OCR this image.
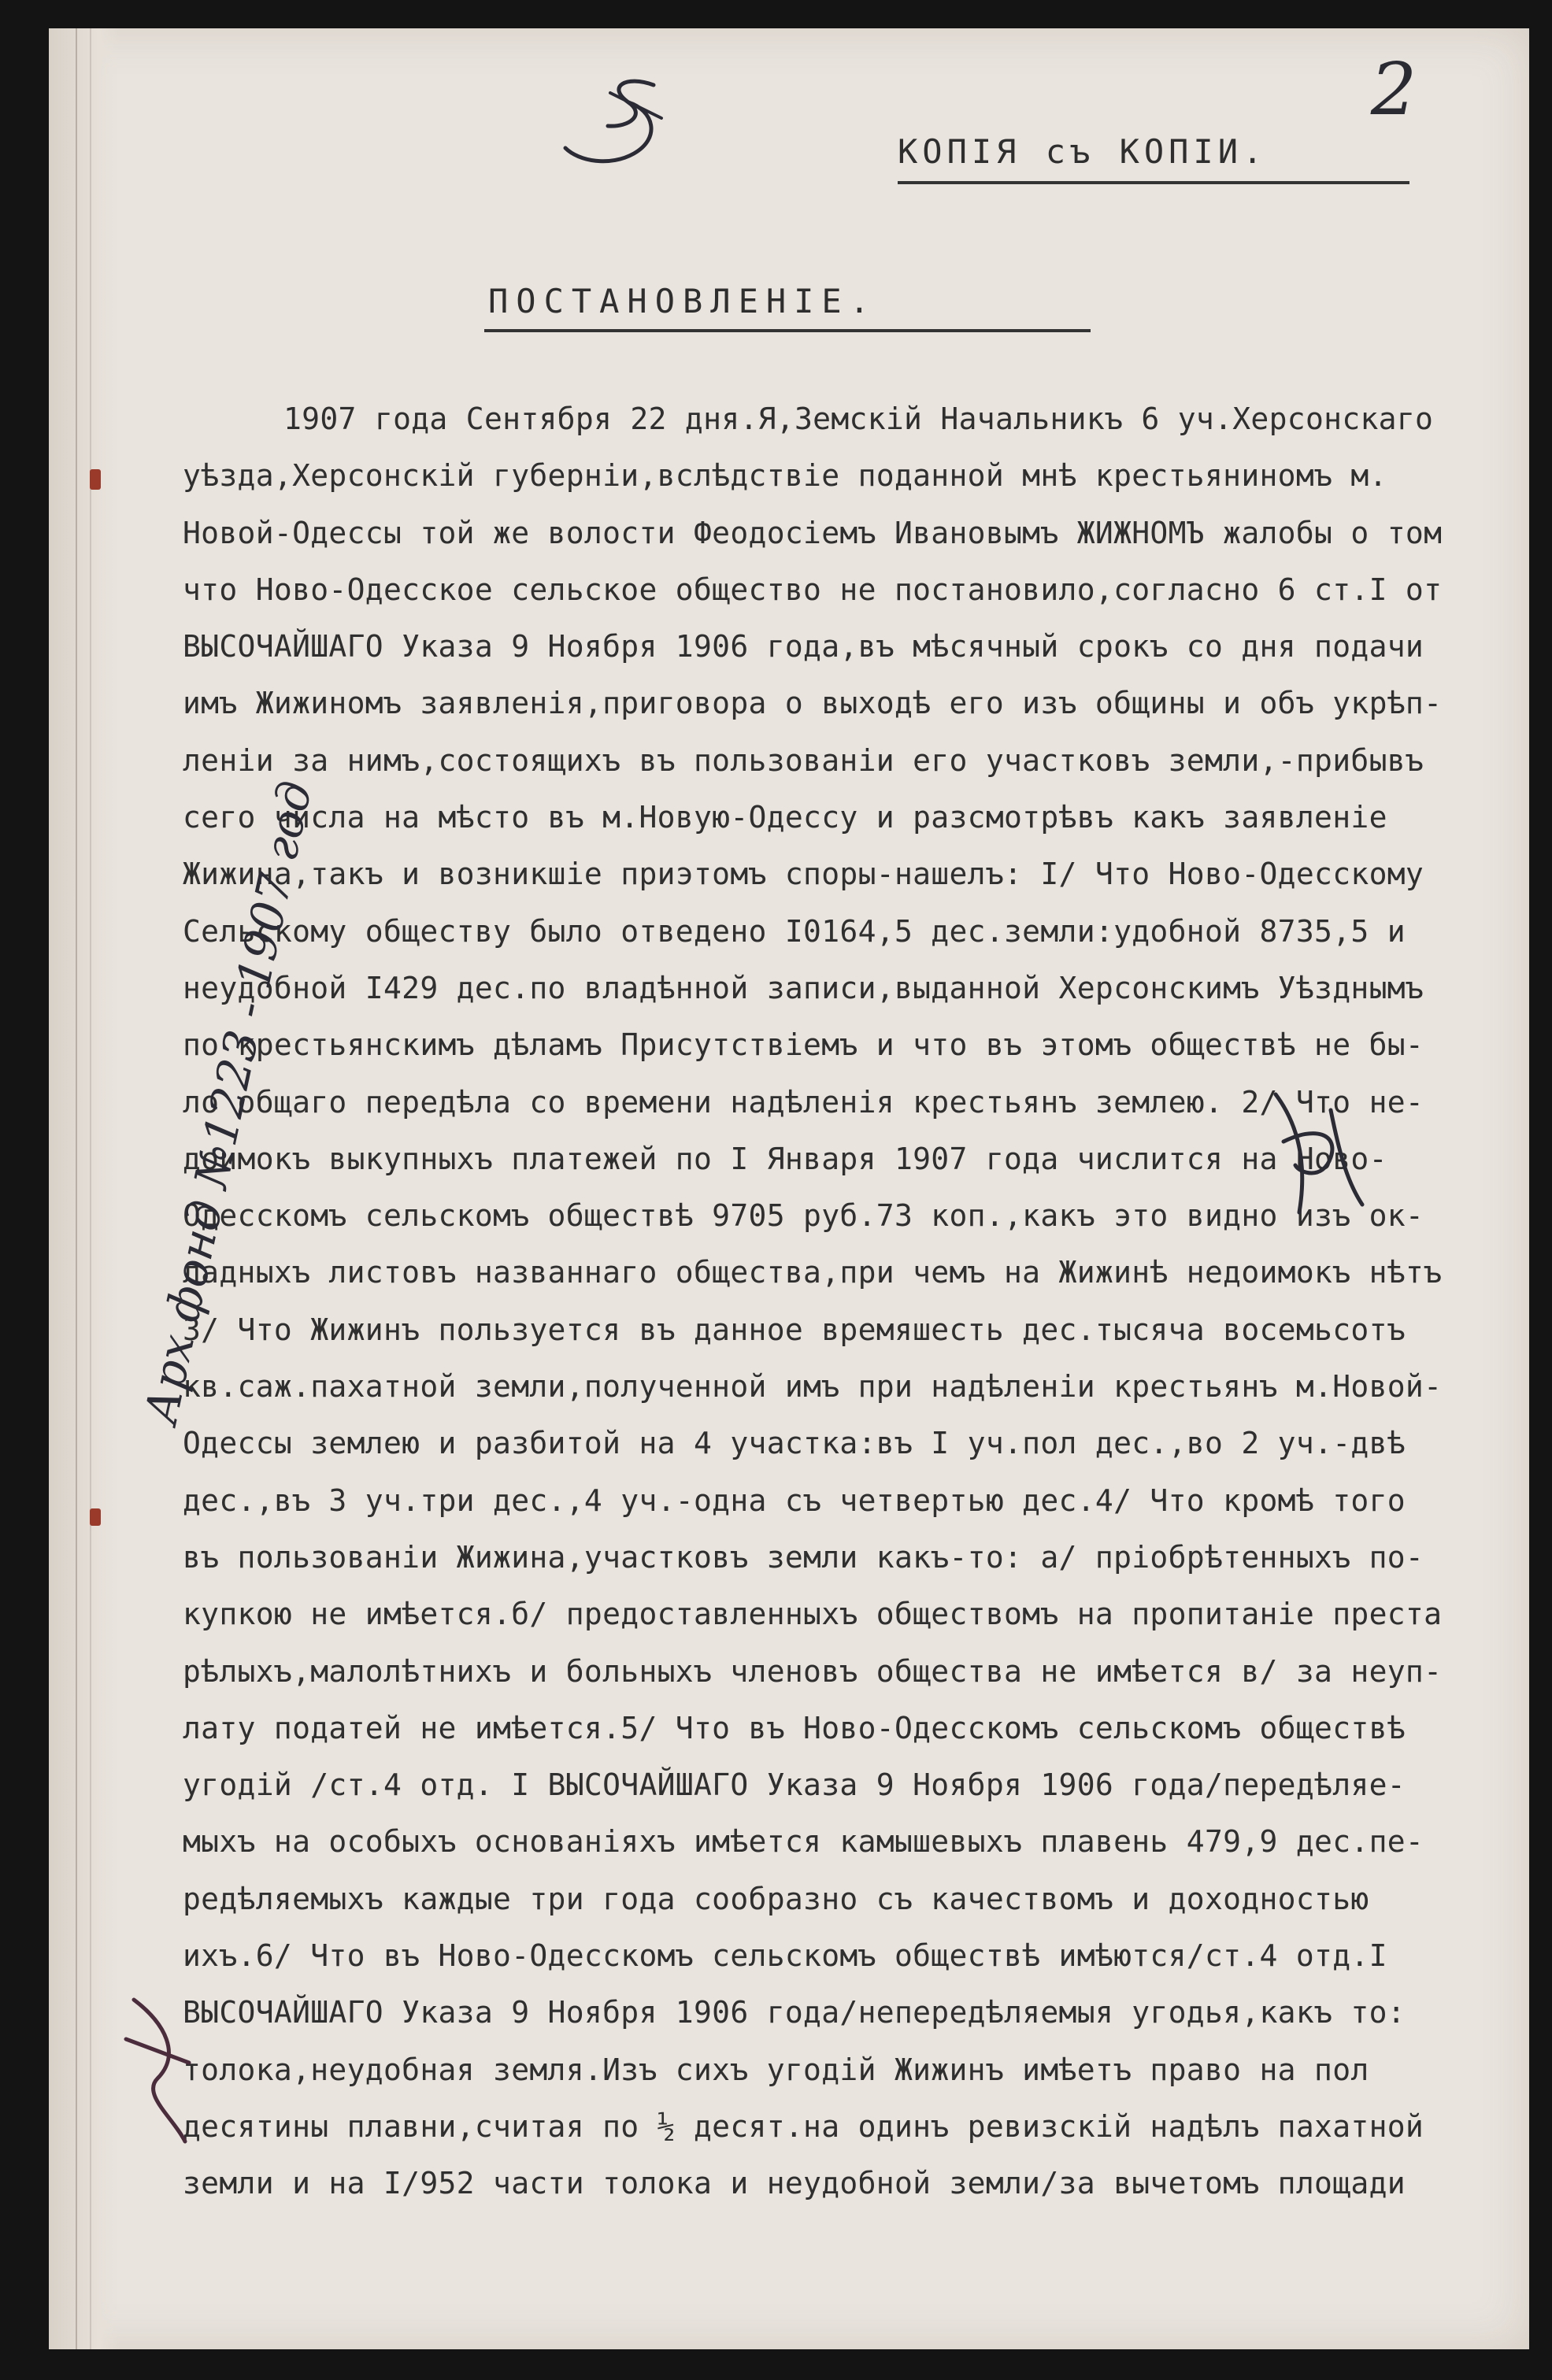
2
КОПІЯ съ КОПІИ.
ПОСТАНОВЛЕНІЕ.
1907 года Сентября 22 дня.Я,Земскій Начальникъ 6 уч.Херсонскаго
уѣзда,Херсонскій губерніи,вслѣдствіе поданной мнѣ крестьяниномъ м.
Новой-Одессы той же волости Феодосіемъ Ивановымъ ЖИЖНОМЪ жалобы о том
что Ново-Одесское сельское общество не постановило,согласно 6 ст.I от
ВЫСОЧАЙШАГО Указа 9 Ноября 1906 года,въ мѣсячный срокъ со дня подачи
имъ Жижиномъ заявленія,приговора о выходѣ его изъ общины и объ укрѣп-
леніи за нимъ,состоящихъ въ пользованіи его участковъ земли,-прибывъ
сего числа на мѣсто въ м.Новую-Одессу и разсмотрѣвъ какъ заявленіе
Жижина,такъ и возникшіе приэтомъ споры-нашелъ: I/ Что Ново-Одесскому
Сельскому обществу было отведено I0164,5 дес.земли:удобной 8735,5 и
неудобной I429 дес.по владѣнной записи,выданной Херсонскимъ Уѣзднымъ
по крестьянскимъ дѣламъ Присутствіемъ и что въ этомъ обществѣ не бы-
ло общаго передѣла со времени надѣленія крестьянъ землею. 2/ Что не-
доимокъ выкупныхъ платежей по I Января 1907 года числится на Ново-
Одесскомъ сельскомъ обществѣ 9705 руб.73 коп.,какъ это видно изъ ок-
ладныхъ листовъ названнаго общества,при чемъ на Жижинѣ недоимокъ нѣтъ
3/ Что Жижинъ пользуется въ данное времяшесть дес.тысяча восемьсотъ
кв.саж.пахатной земли,полученной имъ при надѣленіи крестьянъ м.Новой-
Одессы землею и разбитой на 4 участка:въ I уч.пол дес.,во 2 уч.-двѣ
дес.,въ 3 уч.три дес.,4 уч.-одна съ четвертью дес.4/ Что кромѣ того
въ пользованіи Жижина,участковъ земли какъ-то: а/ пріобрѣтенныхъ по-
купкою не имѣется.б/ предоставленныхъ обществомъ на пропитаніе преста
рѣлыхъ,малолѣтнихъ и больныхъ членовъ общества не имѣется в/ за неуп-
лату податей не имѣется.5/ Что въ Ново-Одесскомъ сельскомъ обществѣ
угодій /ст.4 отд. I ВЫСОЧАЙШАГО Указа 9 Ноября 1906 года/передѣляе-
мыхъ на особыхъ основаніяхъ имѣется камышевыхъ плавень 479,9 дес.пе-
редѣляемыхъ каждые три года сообразно съ качествомъ и доходностью
ихъ.6/ Что въ Ново-Одесскомъ сельскомъ обществѣ имѣются/ст.4 отд.I
ВЫСОЧАЙШАГО Указа 9 Ноября 1906 года/непередѣляемыя угодья,какъ то:
толока,неудобная земля.Изъ сихъ угодій Жижинъ имѣетъ право на пол
десятины плавни,считая по ½ десят.на одинъ ревизскій надѣлъ пахатной
земли и на I/952 части толока и неудобной земли/за вычетомъ площади
Арх фонд №1223 - 1907 год
